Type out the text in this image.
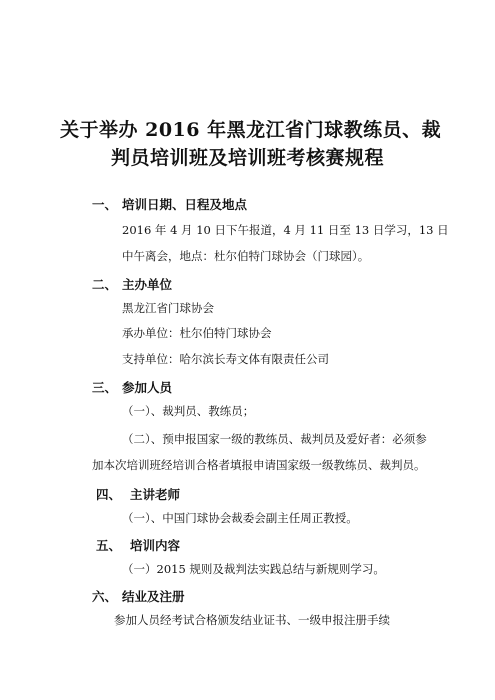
关于举办 2016 年黑龙江省门球教练员、裁
判员培训班及培训班考核赛规程
一、 培训日期、日程及地点
2016 年 4 月 10 日下午报道，4 月 11 日至 13 日学习，13 日
中午离会，地点：杜尔伯特门球协会（门球园）。
二、 主办单位
黑龙江省门球协会
承办单位：杜尔伯特门球协会
支持单位：哈尔滨长寿文体有限责任公司
三、 参加人员
（一）、裁判员、教练员；
（二）、预申报国家一级的教练员、裁判员及爱好者：必须参
加本次培训班经培训合格者填报申请国家级一级教练员、裁判员。
四、 主讲老师
（一）、中国门球协会裁委会副主任周正教授。
五、 培训内容
（一）2015 规则及裁判法实践总结与新规则学习。
六、 结业及注册
参加人员经考试合格颁发结业证书、一级申报注册手续
